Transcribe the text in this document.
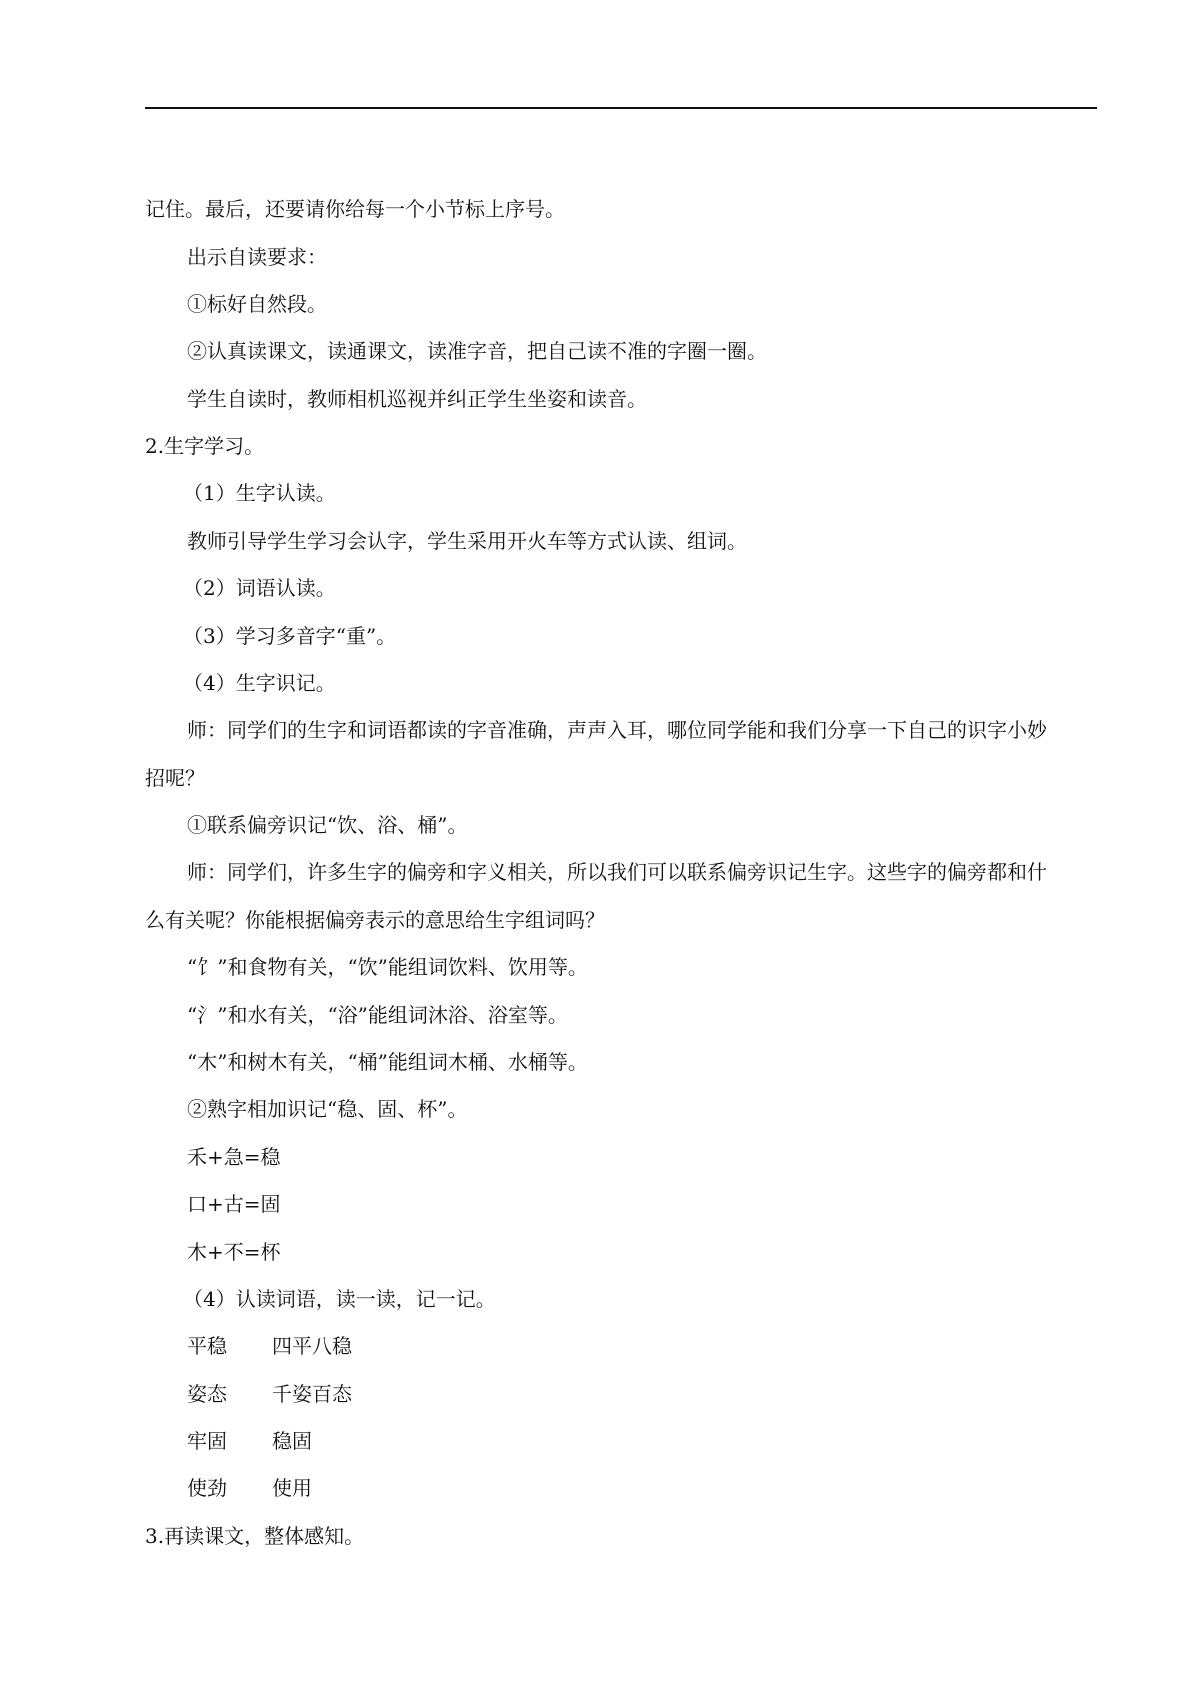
记住。最后，还要请你给每一个小节标上序号。
出示自读要求：
①标好自然段。
②认真读课文，读通课文，读准字音，把自己读不准的字圈一圈。
学生自读时，教师相机巡视并纠正学生坐姿和读音。
2.生字学习。
（1）生字认读。
教师引导学生学习会认字，学生采用开火车等方式认读、组词。
（2）词语认读。
（3）学习多音字“重”。
（4）生字识记。
师：同学们的生字和词语都读的字音准确，声声入耳，哪位同学能和我们分享一下自己的识字小妙
招呢？
①联系偏旁识记“饮、浴、桶”。
师：同学们，许多生字的偏旁和字义相关，所以我们可以联系偏旁识记生字。这些字的偏旁都和什
么有关呢？你能根据偏旁表示的意思给生字组词吗？
“饣”和食物有关，“饮”能组词饮料、饮用等。
“氵”和水有关，“浴”能组词沐浴、浴室等。
“木”和树木有关，“桶”能组词木桶、水桶等。
②熟字相加识记“稳、固、杯”。
禾+急=稳
口+古=固
木+不=杯
（4）认读词语，读一读，记一记。
平稳 四平八稳
姿态 千姿百态
牢固 稳固
使劲 使用
3.再读课文，整体感知。
